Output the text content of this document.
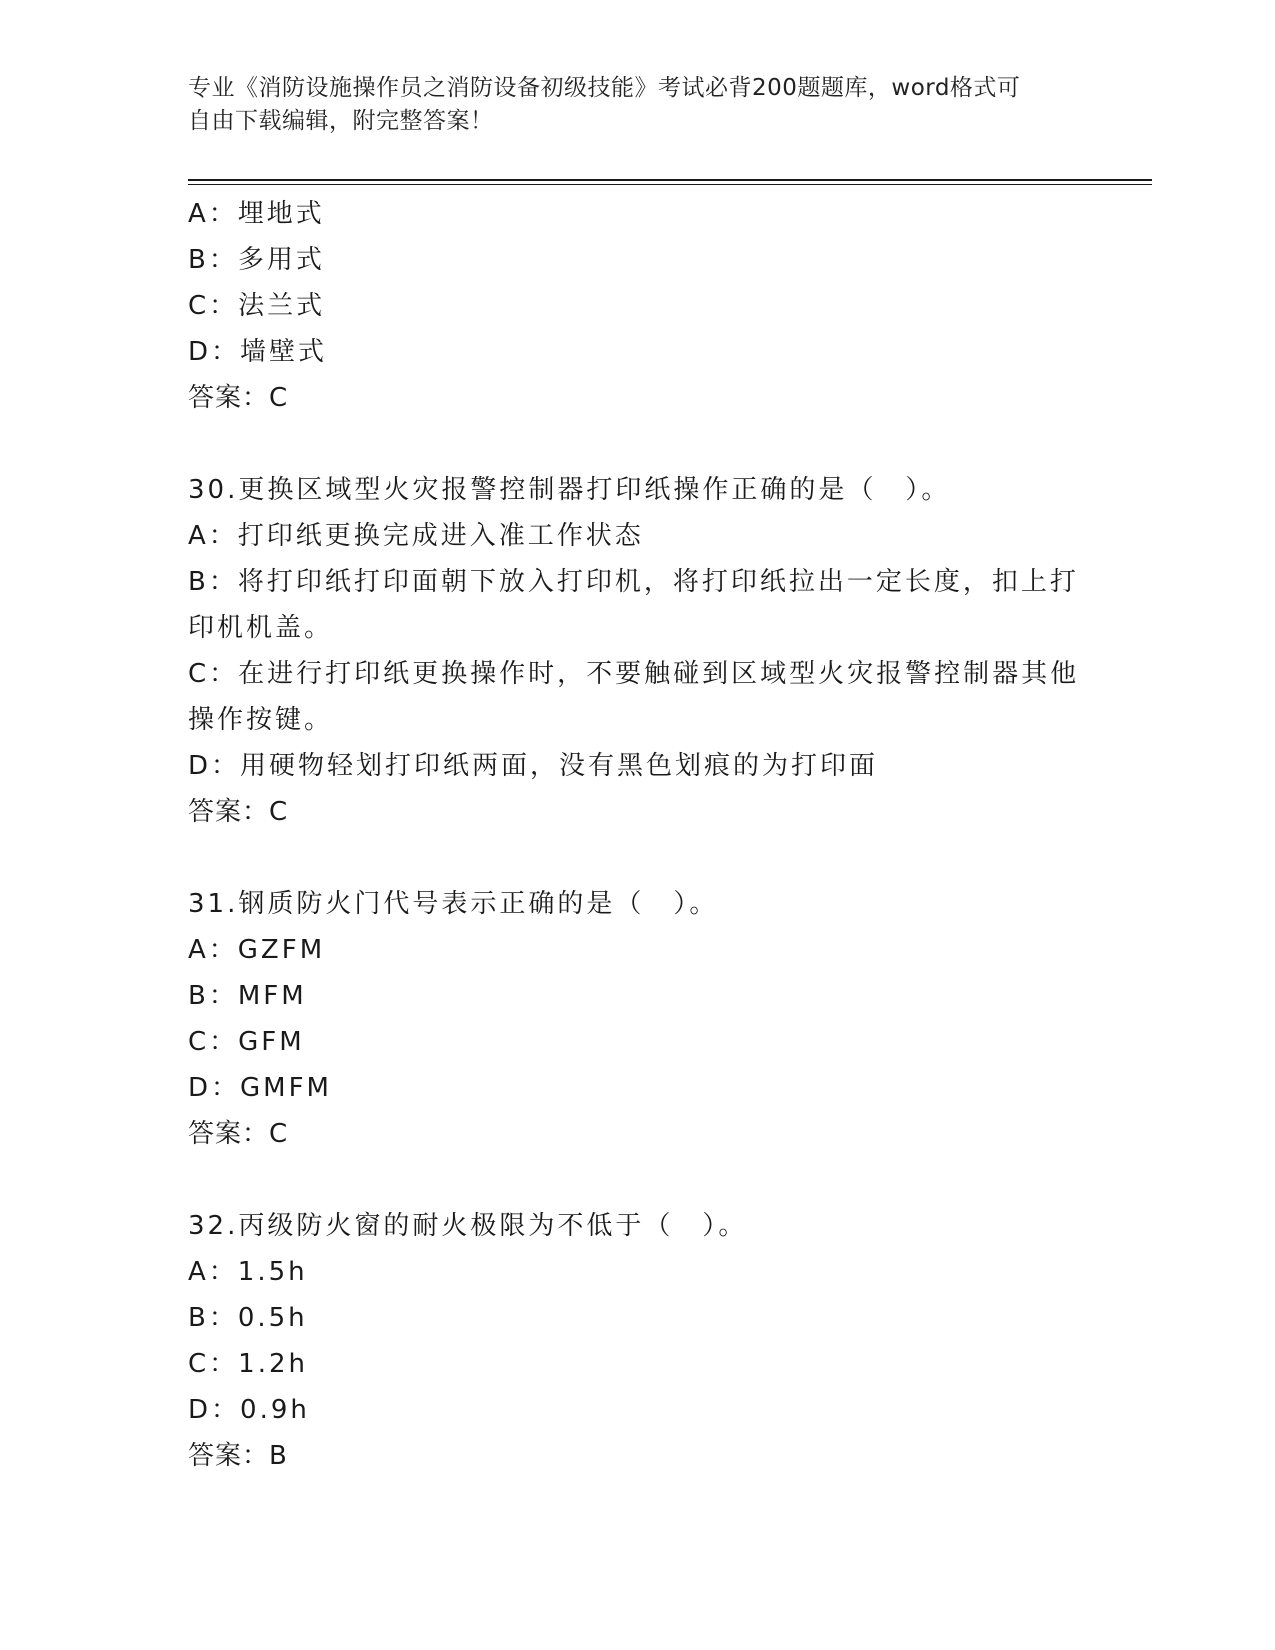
专业《消防设施操作员之消防设备初级技能》考试必背200题题库，word格式可
自由下载编辑，附完整答案！
A：埋地式
B：多用式
C：法兰式
D：墙壁式
答案：C
30.更换区域型火灾报警控制器打印纸操作正确的是（　）。
A：打印纸更换完成进入准工作状态
B：将打印纸打印面朝下放入打印机，将打印纸拉出一定长度，扣上打
印机机盖。
C：在进行打印纸更换操作时，不要触碰到区域型火灾报警控制器其他
操作按键。
D：用硬物轻划打印纸两面，没有黑色划痕的为打印面
答案：C
31.钢质防火门代号表示正确的是（　）。
A：GZFM
B：MFM
C：GFM
D：GMFM
答案：C
32.丙级防火窗的耐火极限为不低于（　）。
A：1.5h
B：0.5h
C：1.2h
D：0.9h
答案：B
